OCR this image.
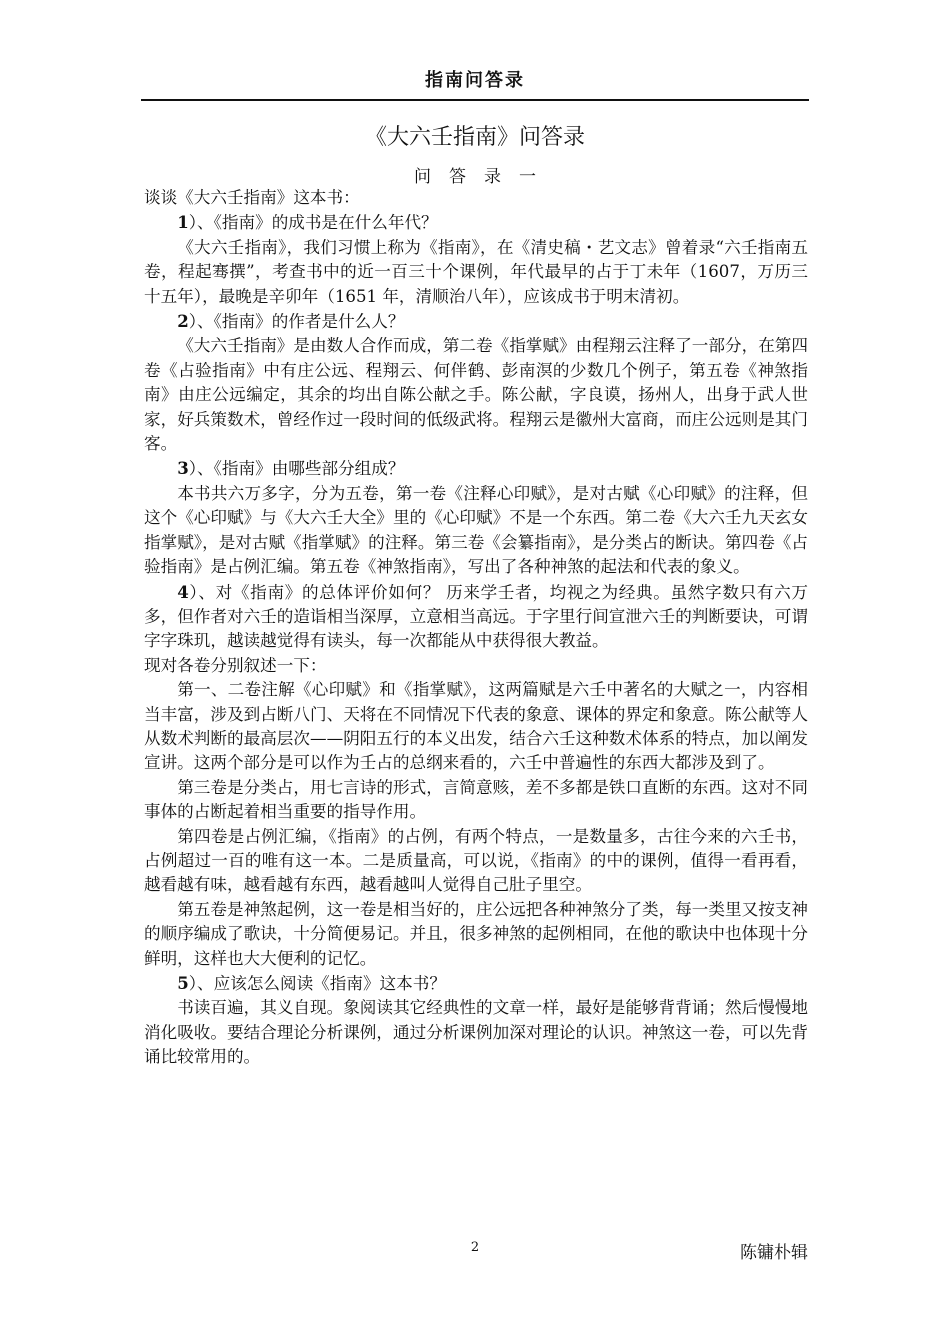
指南问答录
《大六壬指南》问答录
问答录一

谈谈《大六壬指南》这本书：

1）、《指南》的成书是在什么年代？

《大六壬指南》，我们习惯上称为《指南》，在《清史稿・艺文志》曾着录“六壬指南五卷，程起骞撰”，考查书中的近一百三十个课例，年代最早的占于丁未年（1607，万历三十五年），最晚是辛卯年（1651 年，清顺治八年），应该成书于明末清初。

2）、《指南》的作者是什么人？

《大六壬指南》是由数人合作而成，第二卷《指掌赋》由程翔云注释了一部分，在第四卷《占验指南》中有庄公远、程翔云、何伴鹤、彭南溟的少数几个例子，第五卷《神煞指南》由庄公远编定，其余的均出自陈公献之手。陈公献，字良谟，扬州人，出身于武人世家，好兵策数术，曾经作过一段时间的低级武将。程翔云是徽州大富商，而庄公远则是其门客。

3）、《指南》由哪些部分组成？

本书共六万多字，分为五卷，第一卷《注释心印赋》，是对古赋《心印赋》的注释，但这个《心印赋》与《大六壬大全》里的《心印赋》不是一个东西。第二卷《大六壬九天玄女指掌赋》，是对古赋《指掌赋》的注释。第三卷《会纂指南》，是分类占的断诀。第四卷《占验指南》是占例汇编。第五卷《神煞指南》，写出了各种神煞的起法和代表的象义。

4）、对《指南》的总体评价如何？ 历来学壬者，均视之为经典。虽然字数只有六万多，但作者对六壬的造诣相当深厚，立意相当高远。于字里行间宣泄六壬的判断要诀，可谓字字珠玑，越读越觉得有读头，每一次都能从中获得很大教益。

现对各卷分别叙述一下：

第一、二卷注解《心印赋》和《指掌赋》，这两篇赋是六壬中著名的大赋之一，内容相当丰富，涉及到占断八门、天将在不同情况下代表的象意、课体的界定和象意。陈公献等人从数术判断的最高层次——阴阳五行的本义出发，结合六壬这种数术体系的特点，加以阐发宣讲。这两个部分是可以作为壬占的总纲来看的，六壬中普遍性的东西大都涉及到了。

第三卷是分类占，用七言诗的形式，言简意赅，差不多都是铁口直断的东西。这对不同事体的占断起着相当重要的指导作用。

第四卷是占例汇编，《指南》的占例，有两个特点，一是数量多，古往今来的六壬书，占例超过一百的唯有这一本。二是质量高，可以说，《指南》的中的课例，值得一看再看，越看越有味，越看越有东西，越看越叫人觉得自己肚子里空。

第五卷是神煞起例，这一卷是相当好的，庄公远把各种神煞分了类，每一类里又按支神的顺序编成了歌诀，十分简便易记。并且，很多神煞的起例相同，在他的歌诀中也体现十分鲜明，这样也大大便利的记忆。

5）、应该怎么阅读《指南》这本书？

书读百遍，其义自现。象阅读其它经典性的文章一样，最好是能够背背诵；然后慢慢地消化吸收。要结合理论分析课例，通过分析课例加深对理论的认识。神煞这一卷，可以先背诵比较常用的。

2	陈镛朴辑
